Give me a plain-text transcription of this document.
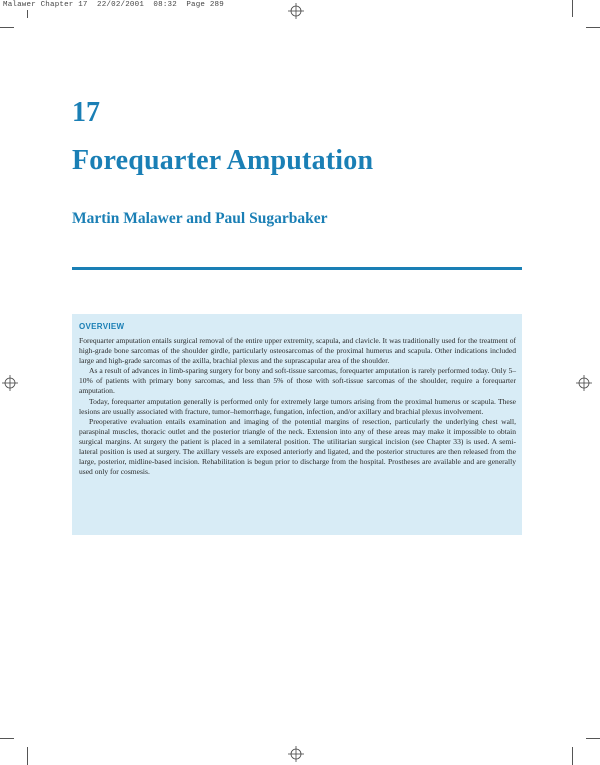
Malawer Chapter 17  22/02/2001  08:32  Page 289
17
Forequarter Amputation
Martin Malawer and Paul Sugarbaker
OVERVIEW

Forequarter amputation entails surgical removal of the entire upper extremity, scapula, and clavicle. It was traditionally used for the treatment of high-grade bone sarcomas of the shoulder girdle, particularly osteosarcomas of the proximal humerus and scapula. Other indications included large and high-grade sarcomas of the axilla, brachial plexus and the suprascapular area of the shoulder.

As a result of advances in limb-sparing surgery for bony and soft-tissue sarcomas, forequarter amputation is rarely performed today. Only 5–10% of patients with primary bony sarcomas, and less than 5% of those with soft-tissue sarcomas of the shoulder, require a forequarter amputation.

Today, forequarter amputation generally is performed only for extremely large tumors arising from the proximal humerus or scapula. These lesions are usually associated with fracture, tumor–hemorrhage, fungation, infection, and/or axillary and brachial plexus involvement.

Preoperative evaluation entails examination and imaging of the potential margins of resection, particularly the underlying chest wall, paraspinal muscles, thoracic outlet and the posterior triangle of the neck. Extension into any of these areas may make it impossible to obtain surgical margins. At surgery the patient is placed in a semilateral position. The utilitarian surgical incision (see Chapter 33) is used. A semi-lateral position is used at surgery. The axillary vessels are exposed anteriorly and ligated, and the posterior structures are then released from the large, posterior, midline-based incision. Rehabilitation is begun prior to discharge from the hospital. Prostheses are available and are generally used only for cosmesis.
